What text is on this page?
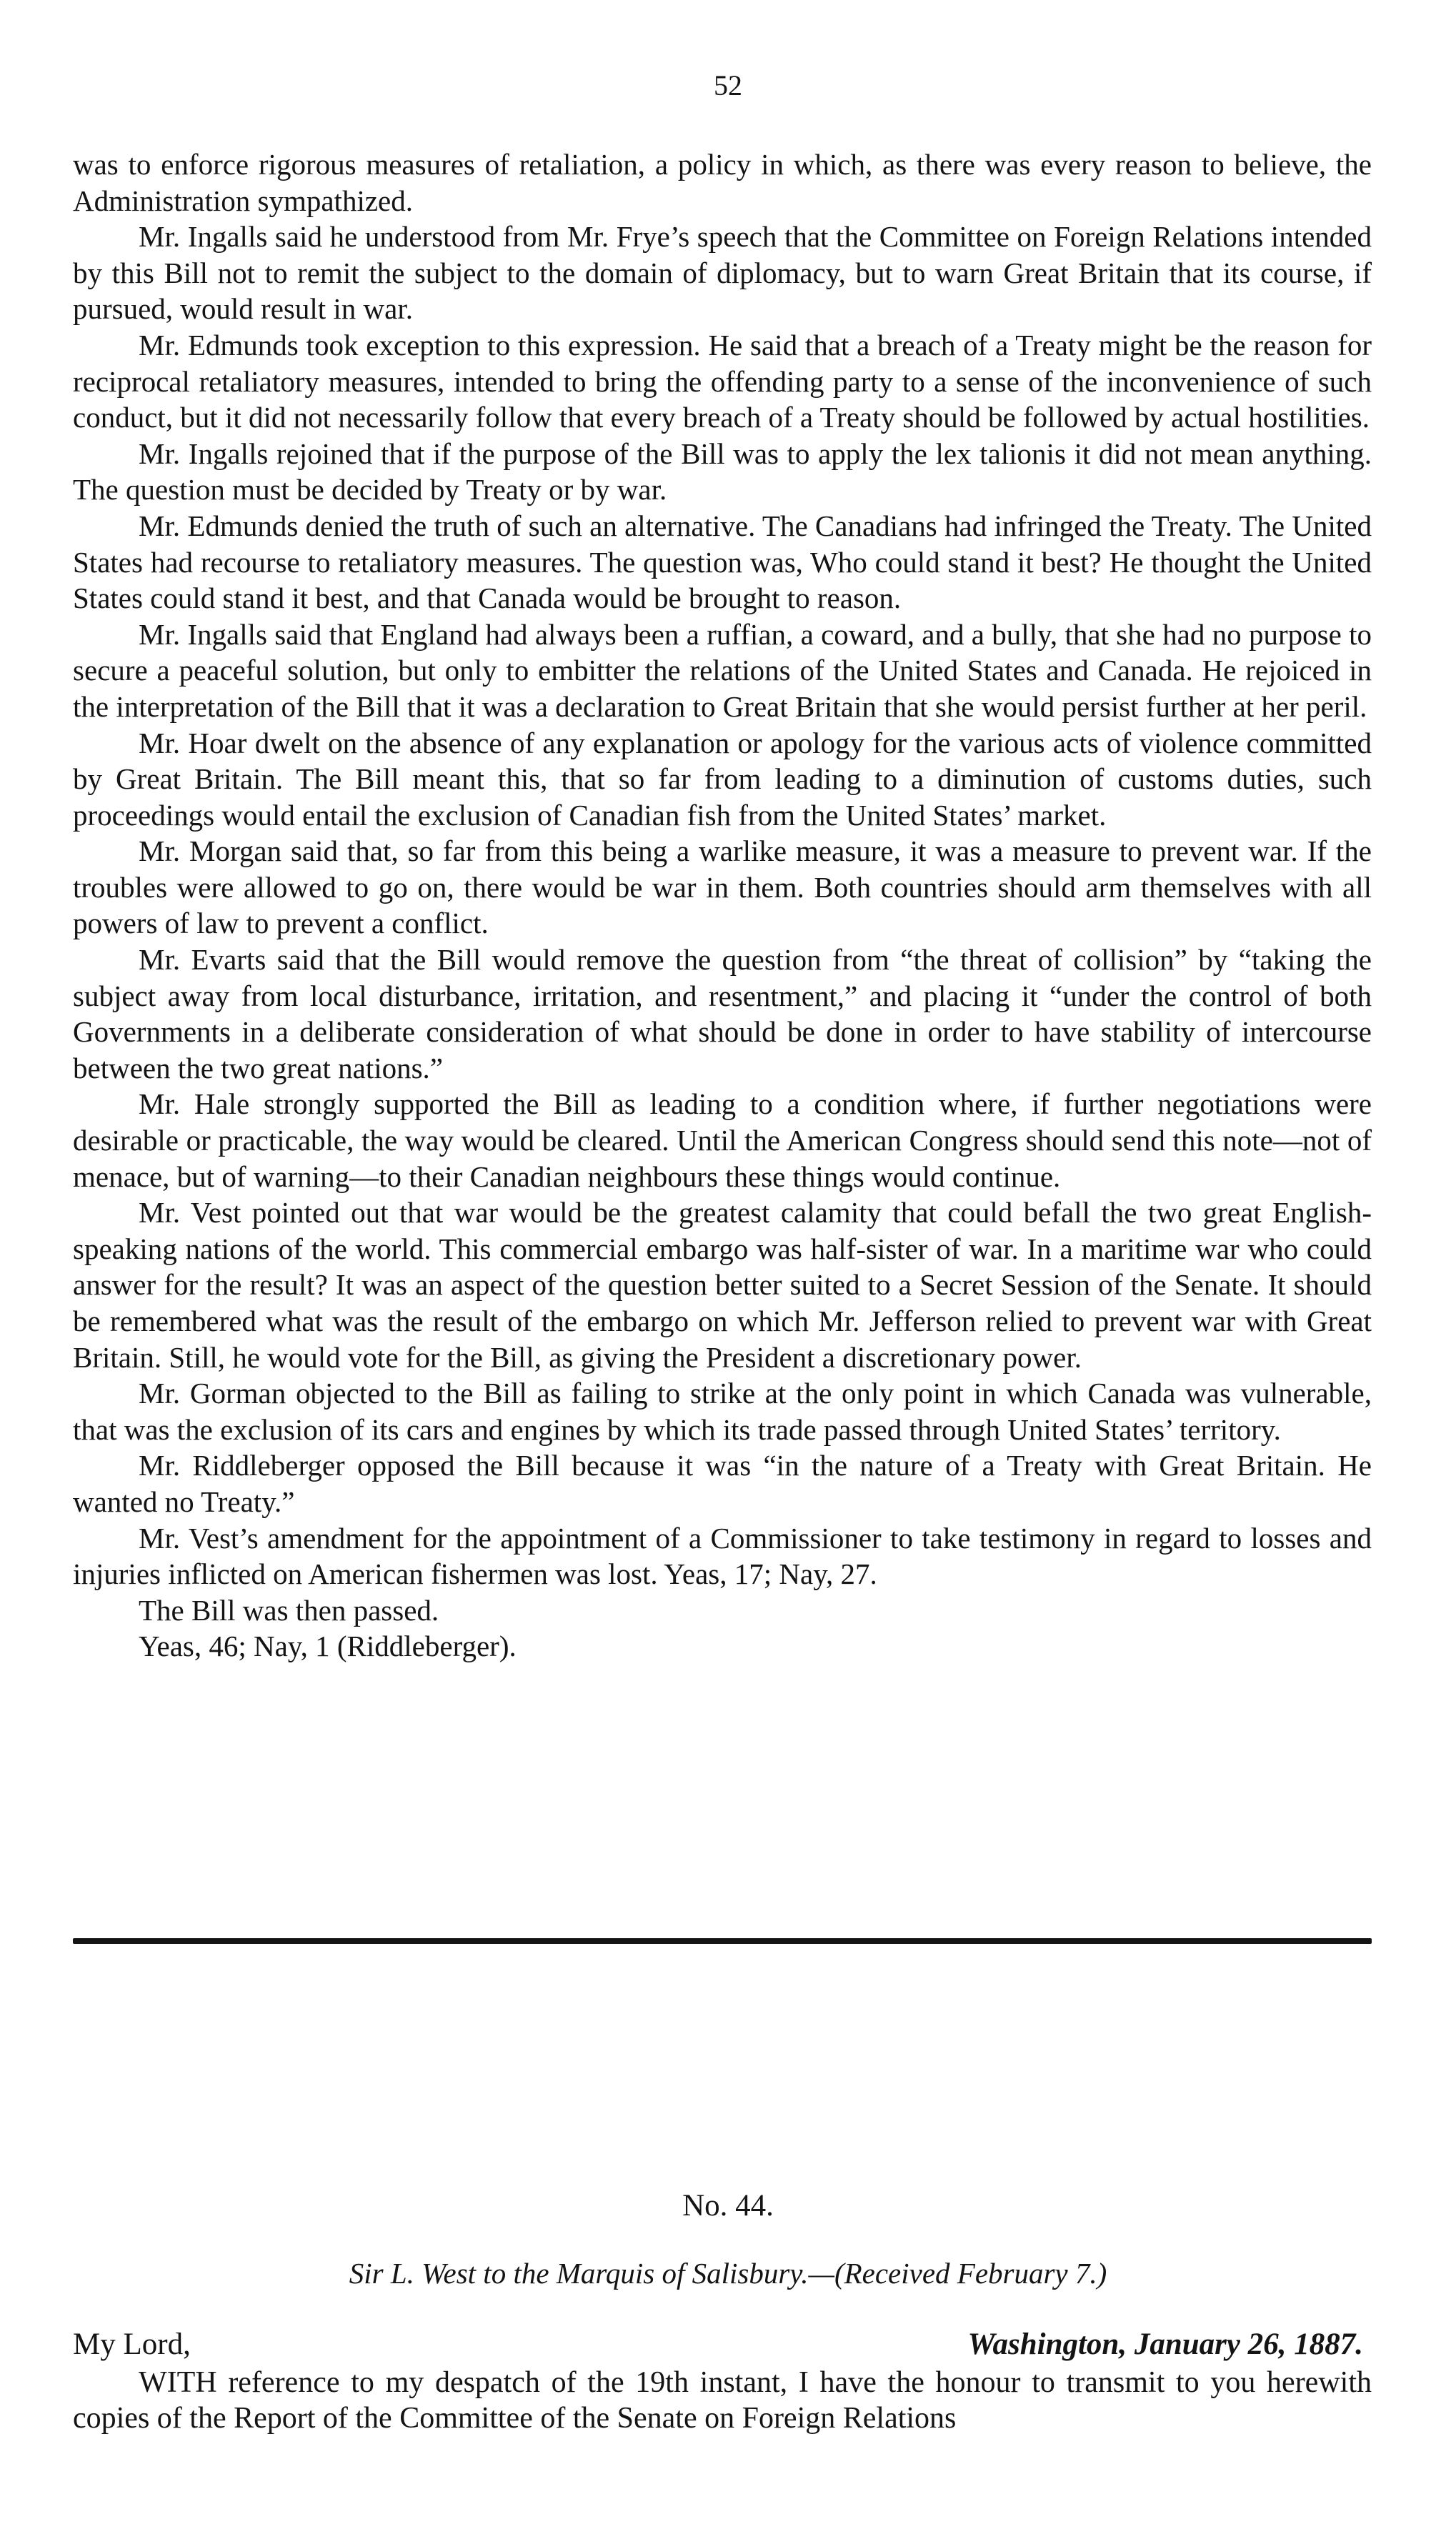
52

was to enforce rigorous measures of retaliation, a policy in which, as there was every reason to believe, the Administration sympathized.

Mr. Ingalls said he understood from Mr. Frye’s speech that the Committee on Foreign Relations intended by this Bill not to remit the subject to the domain of diplomacy, but to warn Great Britain that its course, if pursued, would result in war.

Mr. Edmunds took exception to this expression. He said that a breach of a Treaty might be the reason for reciprocal retaliatory measures, intended to bring the offending party to a sense of the inconvenience of such conduct, but it did not necessarily follow that every breach of a Treaty should be followed by actual hostilities.

Mr. Ingalls rejoined that if the purpose of the Bill was to apply the lex talionis it did not mean anything. The question must be decided by Treaty or by war.

Mr. Edmunds denied the truth of such an alternative. The Canadians had infringed the Treaty. The United States had recourse to retaliatory measures. The question was, Who could stand it best? He thought the United States could stand it best, and that Canada would be brought to reason.

Mr. Ingalls said that England had always been a ruffian, a coward, and a bully, that she had no purpose to secure a peaceful solution, but only to embitter the relations of the United States and Canada. He rejoiced in the interpretation of the Bill that it was a declaration to Great Britain that she would persist further at her peril.

Mr. Hoar dwelt on the absence of any explanation or apology for the various acts of violence committed by Great Britain. The Bill meant this, that so far from leading to a diminution of customs duties, such proceedings would entail the exclusion of Canadian fish from the United States’ market.

Mr. Morgan said that, so far from this being a warlike measure, it was a measure to prevent war. If the troubles were allowed to go on, there would be war in them. Both countries should arm themselves with all powers of law to prevent a conflict.

Mr. Evarts said that the Bill would remove the question from “the threat of collision” by “taking the subject away from local disturbance, irritation, and resentment,” and placing it “under the control of both Governments in a deliberate consideration of what should be done in order to have stability of intercourse between the two great nations.”

Mr. Hale strongly supported the Bill as leading to a condition where, if further negotiations were desirable or practicable, the way would be cleared. Until the American Congress should send this note—not of menace, but of warning—to their Canadian neighbours these things would continue.

Mr. Vest pointed out that war would be the greatest calamity that could befall the two great English-speaking nations of the world. This commercial embargo was half-sister of war. In a maritime war who could answer for the result? It was an aspect of the question better suited to a Secret Session of the Senate. It should be remembered what was the result of the embargo on which Mr. Jefferson relied to prevent war with Great Britain. Still, he would vote for the Bill, as giving the President a discretionary power.

Mr. Gorman objected to the Bill as failing to strike at the only point in which Canada was vulnerable, that was the exclusion of its cars and engines by which its trade passed through United States’ territory.

Mr. Riddleberger opposed the Bill because it was “in the nature of a Treaty with Great Britain. He wanted no Treaty.”

Mr. Vest’s amendment for the appointment of a Commissioner to take testimony in regard to losses and injuries inflicted on American fishermen was lost. Yeas, 17; Nay, 27.

The Bill was then passed.

Yeas, 46; Nay, 1 (Riddleberger).

No. 44.
Sir L. West to the Marquis of Salisbury.—(Received February 7.)
My Lord,	Washington, January 26, 1887.

WITH reference to my despatch of the 19th instant, I have the honour to transmit to you herewith copies of the Report of the Committee of the Senate on Foreign Relations
